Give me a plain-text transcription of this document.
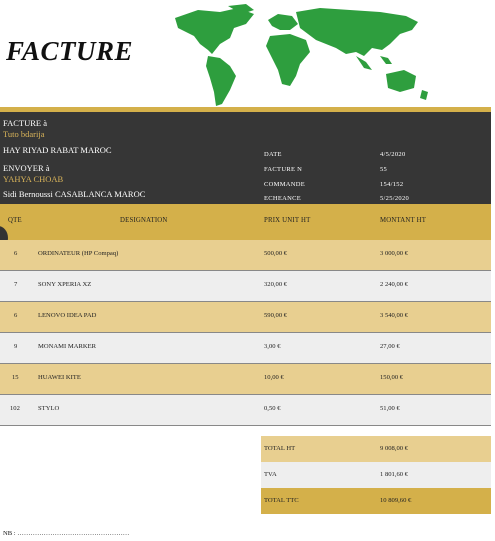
FACTURE
FACTURE à
Tuto bdarija
HAY RIYAD RABAT MAROC
ENVOYER à
YAHYA CHOAB
Sidi Bernoussi CASABLANCA MAROC
DATE	4/5/2020
FACTURE N	55
COMMANDE	154/152
ECHEANCE	5/25/2020
QTE	DESIGNATION	PRIX UNIT HT	MONTANT HT
6	ORDINATEUR (HP Compaq)	500,00 €	3 000,00 €
7	SONY XPERIA XZ	320,00 €	2 240,00 €
6	LENOVO IDEA PAD	590,00 €	3 540,00 €
9	MONAMI MARKER	3,00 €	27,00 €
15	HUAWEI KITE	10,00 €	150,00 €
102	STYLO	0,50 €	51,00 €
TOTAL HT	9 008,00 €
TVA	1 801,60 €
TOTAL TTC	10 809,60 €
NB : ……………………………………………
